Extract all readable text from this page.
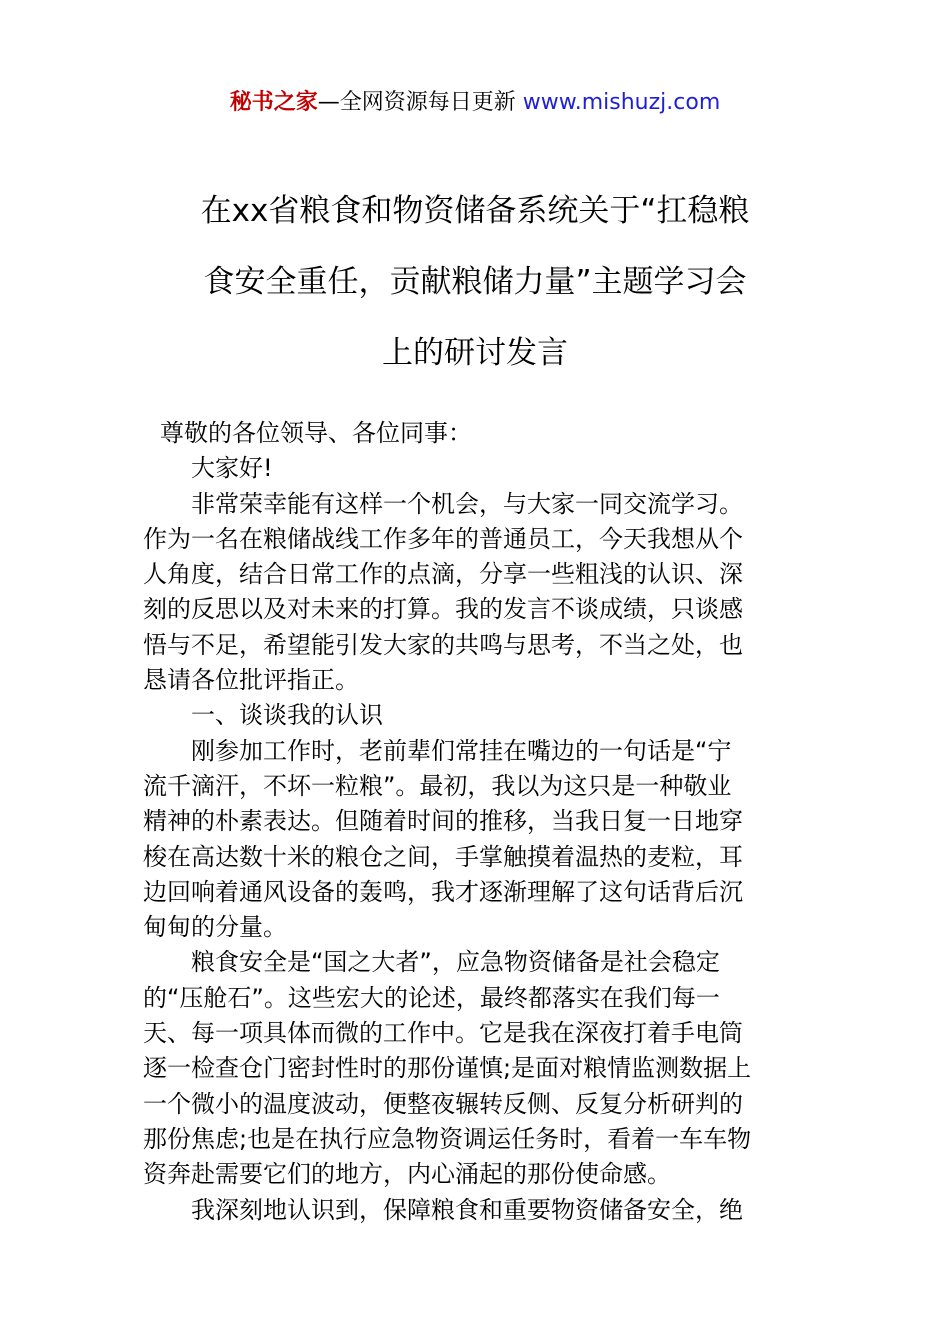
秘书之家—全网资源每日更新 www.mishuzj.com
在xx省粮食和物资储备系统关于“扛稳粮
食安全重任，贡献粮储力量”主题学习会
上的研讨发言

尊敬的各位领导、各位同事：

大家好!

非常荣幸能有这样一个机会，与大家一同交流学习。
作为一名在粮储战线工作多年的普通员工，今天我想从个
人角度，结合日常工作的点滴，分享一些粗浅的认识、深
刻的反思以及对未来的打算。我的发言不谈成绩，只谈感
悟与不足，希望能引发大家的共鸣与思考，不当之处，也
恳请各位批评指正。

一、谈谈我的认识

刚参加工作时，老前辈们常挂在嘴边的一句话是“宁
流千滴汗，不坏一粒粮”。最初，我以为这只是一种敬业
精神的朴素表达。但随着时间的推移，当我日复一日地穿
梭在高达数十米的粮仓之间，手掌触摸着温热的麦粒，耳
边回响着通风设备的轰鸣，我才逐渐理解了这句话背后沉
甸甸的分量。

粮食安全是“国之大者”，应急物资储备是社会稳定
的“压舱石”。这些宏大的论述，最终都落实在我们每一
天、每一项具体而微的工作中。它是我在深夜打着手电筒
逐一检查仓门密封性时的那份谨慎;是面对粮情监测数据上
一个微小的温度波动，便整夜辗转反侧、反复分析研判的
那份焦虑;也是在执行应急物资调运任务时，看着一车车物
资奔赴需要它们的地方，内心涌起的那份使命感。

我深刻地认识到，保障粮食和重要物资储备安全，绝
